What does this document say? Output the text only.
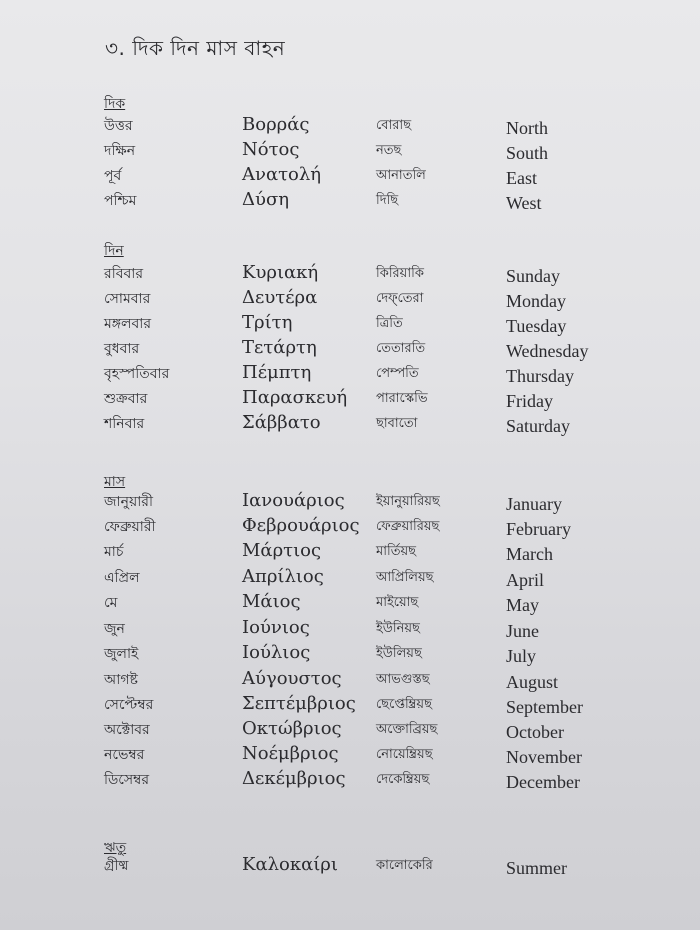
৩. দিক দিন মাস বাহন
দিক
উত্তর	Βορράς	বোরাছ	North
দক্ষিন	Νότος	নতছ	South
পূর্ব	Ανατολή	আনাতলি	East
পশ্চিম	Δύση	দিছি	West
দিন
রবিবার	Κυριακή	কিরিয়াকি	Sunday
সোমবার	Δευτέρα	দেফ্‌তেরা	Monday
মঙ্গলবার	Τρίτη	ত্রিতি	Tuesday
বুধবার	Τετάρτη	তেতারতি	Wednesday
বৃহস্পতিবার	Πέμπτη	পেম্পতি	Thursday
শুক্রবার	Παρασκευή পারাস্কেভি	Friday
শনিবার	Σάββατο	ছাবাতো	Saturday
মাস
জানুয়ারী	Ιανουάριος ইয়ানুয়ারিয়ছ	January
ফেব্রুয়ারী	Φεβρουάριος ফেব্রুয়ারিয়ছ	February
মার্চ	Μάρτιος	মার্তিয়ছ	March
এপ্রিল	Απρίλιος	আপ্রিলিয়ছ	April
মে	Μάιος	মাইয়োছ	May
জুন	Ιούνιος	ইউনিয়ছ	June
জুলাই	Ιούλιος	ইউলিয়ছ	July
আগষ্ট	Αύγουστος	আভগুস্তছ	August
সেপ্টেম্বর	Σεπτέμβριος ছেপ্তেম্ব্রিয়ছ	September
অক্টোবর	Οκτώβριος	অক্তোব্রিয়ছ	October
নভেম্বর	Νοέμβριος	নোয়েম্ব্রিয়ছ	November
ডিসেম্বর	Δεκέμβριος দেকেম্ব্রিয়ছ	December
ঋতু
গ্রীষ্ম	Καλοκαίρι	কালোকেরি	Summer
